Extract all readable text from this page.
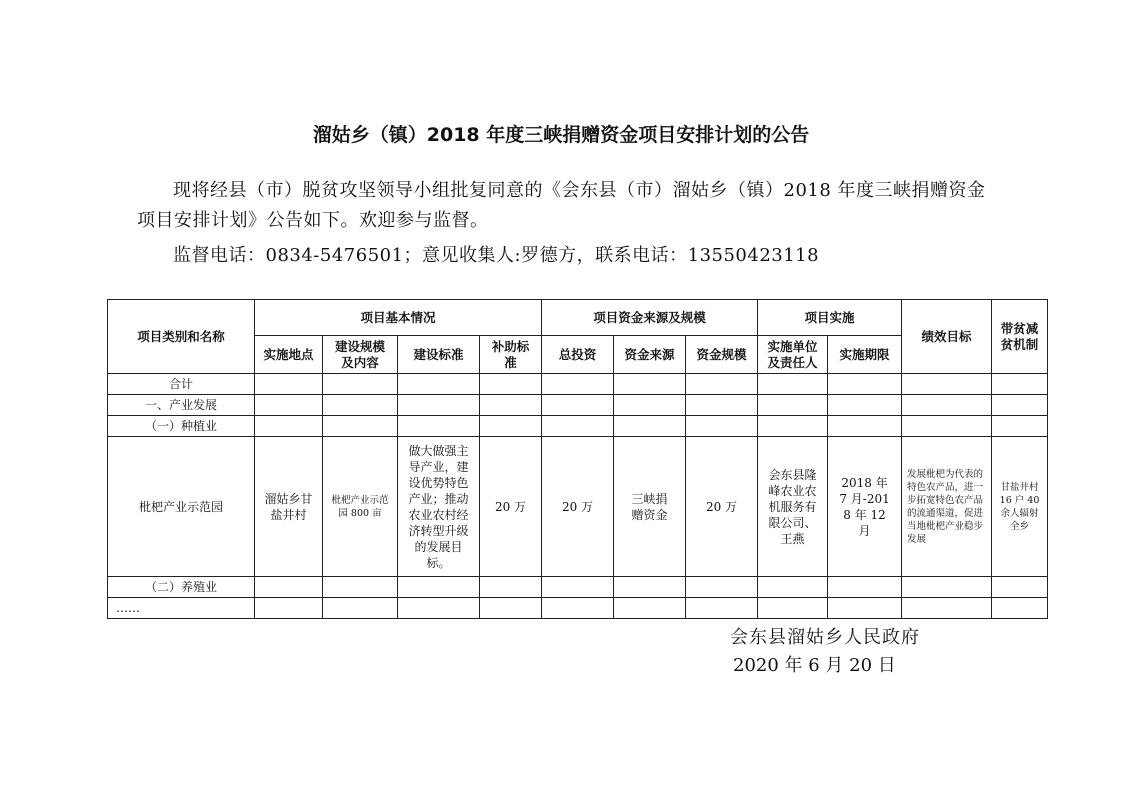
溜姑乡（镇）2018 年度三峡捐赠资金项目安排计划的公告
现将经县（市）脱贫攻坚领导小组批复同意的《会东县（市）溜姑乡（镇）2018 年度三峡捐赠资金项目安排计划》公告如下。欢迎参与监督。
监督电话：0834-5476501；意见收集人:罗德方，联系电话：13550423118
项目类别和名称	项目基本情况				项目资金来源及规模			项目实施		绩效目标	带贫减贫机制
	实施地点	建设规模及内容	建设标准	补助标准	总投资	资金来源	资金规模	实施单位及责任人	实施期限		
合计											
一、产业发展											
（一）种植业											
枇杷产业示范园	溜姑乡甘盐井村	枇杷产业示范园 800 亩	做大做强主导产业，建设优势特色产业；推动农业农村经济转型升级的发展目标。	20 万	20 万	三峡捐赠资金	20 万	会东县隆峰农业农机服务有限公司、王燕	2018 年 7 月-2018 年 12 月	发展枇杷为代表的特色农产品，进一步拓宽特色农产品的流通渠道，促进当地枇杷产业稳步发展	甘盐井村 16 户 40 余人辐射全乡
（二）养殖业											
……											
会东县溜姑乡人民政府
2020 年 6 月 20 日
